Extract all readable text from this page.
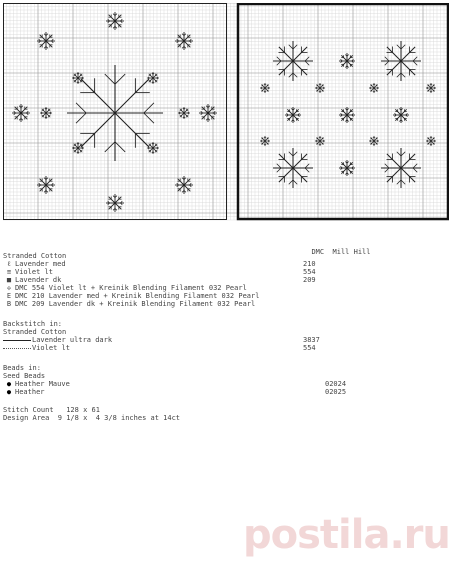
DMC Mill Hill

Stranded Cotton
ℓ Lavender med	210
≡ Violet lt	554
■ Lavender dk	209
✢ DMC 554 Violet lt + Kreinik Blending Filament 032 Pearl
E DMC 210 Lavender med + Kreinik Blending Filament 032 Pearl
B DMC 209 Lavender dk + Kreinik Blending Filament 032 Pearl
Backstitch in:
Stranded Cotton
Lavender ultra dark	3837
Violet lt	554
Beads in:
Seed Beads
● Heather Mauve	02024
● Heather	02025
Stitch Count   128 x 61
Design Area  9 1/8 x  4 3/8 inches at 14ct
postila.ru
